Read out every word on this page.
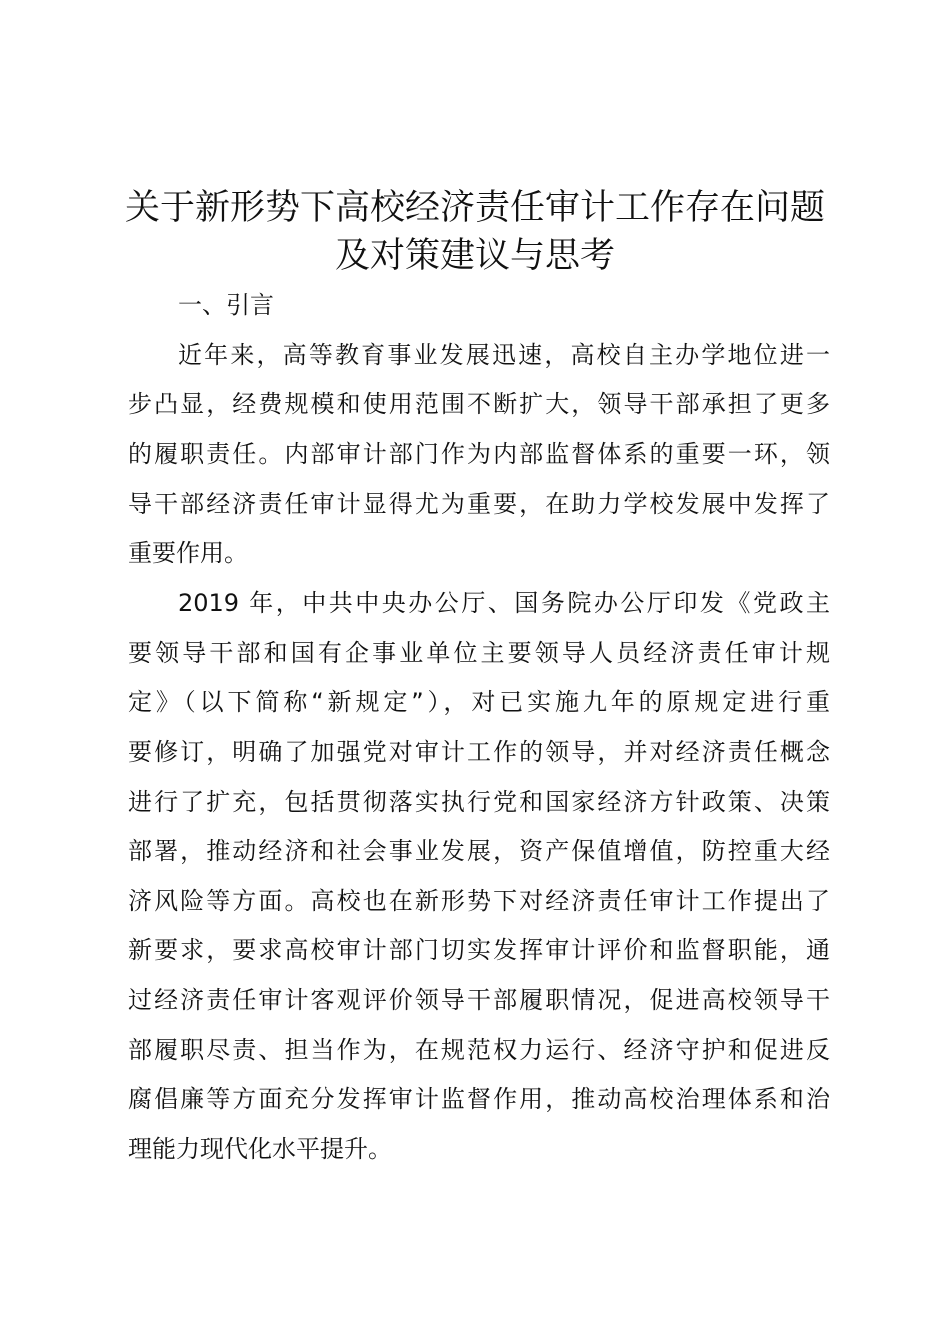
关于新形势下高校经济责任审计工作存在问题
及对策建议与思考

一、引言

近年来，高等教育事业发展迅速，高校自主办学地位进一

步凸显，经费规模和使用范围不断扩大，领导干部承担了更多

的履职责任。内部审计部门作为内部监督体系的重要一环，领

导干部经济责任审计显得尤为重要，在助力学校发展中发挥了

重要作用。

2019 年，中共中央办公厅、国务院办公厅印发《党政主

要领导干部和国有企事业单位主要领导人员经济责任审计规

定》（以下简称“新规定”），对已实施九年的原规定进行重

要修订，明确了加强党对审计工作的领导，并对经济责任概念

进行了扩充，包括贯彻落实执行党和国家经济方针政策、决策

部署，推动经济和社会事业发展，资产保值增值，防控重大经

济风险等方面。高校也在新形势下对经济责任审计工作提出了

新要求，要求高校审计部门切实发挥审计评价和监督职能，通

过经济责任审计客观评价领导干部履职情况，促进高校领导干

部履职尽责、担当作为，在规范权力运行、经济守护和促进反

腐倡廉等方面充分发挥审计监督作用，推动高校治理体系和治

理能力现代化水平提升。
